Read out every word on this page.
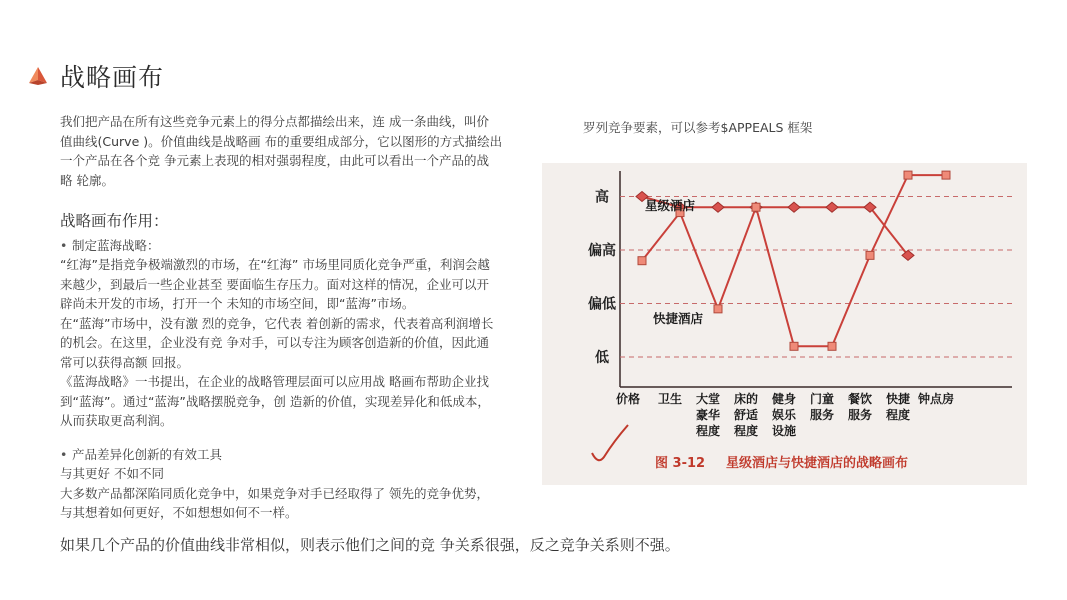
战略画布

我们把产品在所有这些竞争元素上的得分点都描绘出来，连 成一条曲线，叫价

值曲线(Curve )。价值曲线是战略画 布的重要组成部分，它以图形的方式描绘出

一个产品在各个竞 争元素上表现的相对强弱程度，由此可以看出一个产品的战

略 轮廓。

战略画布作用：

• 制定蓝海战略：

“红海”是指竞争极端激烈的市场，在“红海” 市场里同质化竞争严重，利润会越

来越少，到最后一些企业甚至 要面临生存压力。面对这样的情况，企业可以开

辟尚未开发的市场，打开一个 未知的市场空间，即“蓝海”市场。

在“蓝海”市场中，没有激 烈的竞争，它代表 着创新的需求，代表着高利润增长

的机会。在这里，企业没有竞 争对手，可以专注为顾客创造新的价值，因此通

常可以获得高额 回报。

《蓝海战略》一书提出，在企业的战略管理层面可以应用战 略画布帮助企业找

到“蓝海”。通过“蓝海”战略摆脱竞争，创 造新的价值，实现差异化和低成本，

从而获取更高利润。

• 产品差异化创新的有效工具

与其更好 不如不同

大多数产品都深陷同质化竞争中，如果竞争对手已经取得了 领先的竞争优势，

与其想着如何更好，不如想想如何不一样。

如果几个产品的价值曲线非常相似，则表示他们之间的竞 争关系很强，反之竞争关系则不强。
罗列竞争要素，可以参考$APPEALS 框架
低
偏低
偏高
高	星级酒店
快捷酒店
价格 卫生 大堂
豪华
程度
床的
舒适
程度
健身
娱乐
设施
门童
服务
餐饮
服务
快捷
程度
钟点房
图 3-12 星级酒店与快捷酒店的战略画布
